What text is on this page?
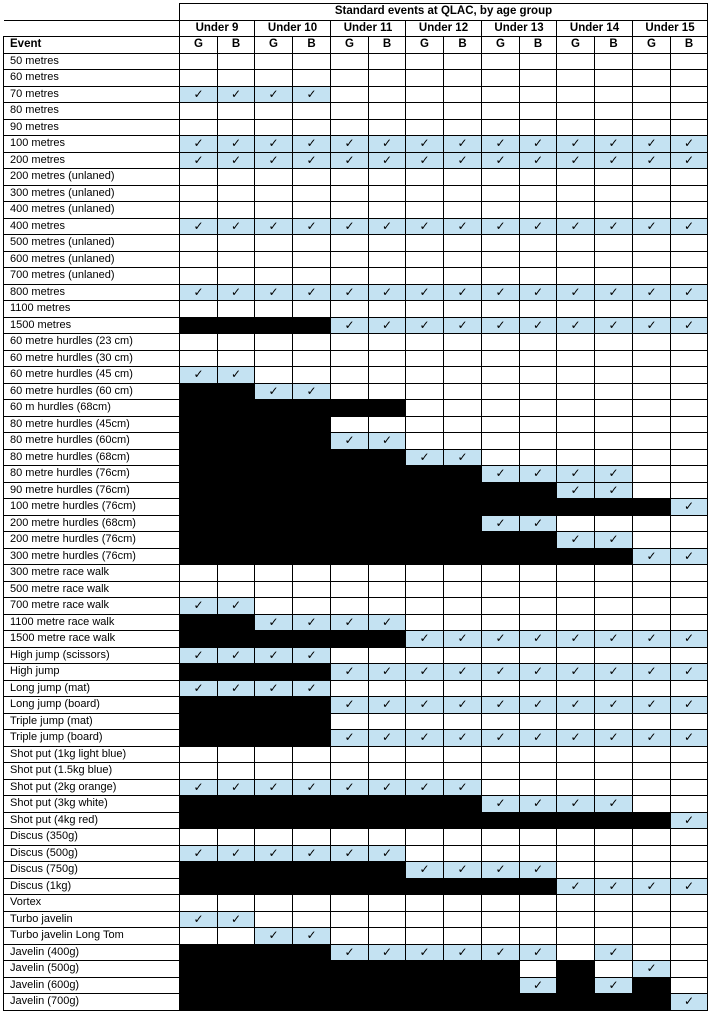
	Standard events at QLAC, by age group													
	Under 9		Under 10		Under 11		Under 12		Under 13		Under 14		Under 15	
Event	G	B	G	B	G	B	G	B	G	B	G	B	G	B
50 metres														
60 metres														
70 metres	✓	✓	✓	✓										
80 metres														
90 metres														
100 metres	✓	✓	✓	✓	✓	✓	✓	✓	✓	✓	✓	✓	✓	✓
200 metres	✓	✓	✓	✓	✓	✓	✓	✓	✓	✓	✓	✓	✓	✓
200 metres (unlaned)														
300 metres (unlaned)														
400 metres (unlaned)														
400 metres	✓	✓	✓	✓	✓	✓	✓	✓	✓	✓	✓	✓	✓	✓
500 metres (unlaned)														
600 metres (unlaned)														
700 metres (unlaned)														
800 metres	✓	✓	✓	✓	✓	✓	✓	✓	✓	✓	✓	✓	✓	✓
1100 metres														
1500 metres					✓	✓	✓	✓	✓	✓	✓	✓	✓	✓
60 metre hurdles (23 cm)														
60 metre hurdles (30 cm)														
60 metre hurdles (45 cm)	✓	✓												
60 metre hurdles (60 cm)			✓	✓										
60 m hurdles (68cm)														
80 metre hurdles (45cm)														
80 metre hurdles (60cm)					✓	✓								
80 metre hurdles (68cm)							✓	✓						
80 metre hurdles (76cm)									✓	✓	✓	✓		
90 metre hurdles (76cm)											✓	✓		
100 metre hurdles (76cm)														✓
200 metre hurdles (68cm)									✓	✓				
200 metre hurdles (76cm)											✓	✓		
300 metre hurdles (76cm)													✓	✓
300 metre race walk														
500 metre race walk														
700 metre race walk	✓	✓												
1100 metre race walk			✓	✓	✓	✓								
1500 metre race walk							✓	✓	✓	✓	✓	✓	✓	✓
High jump (scissors)	✓	✓	✓	✓										
High jump					✓	✓	✓	✓	✓	✓	✓	✓	✓	✓
Long jump (mat)	✓	✓	✓	✓										
Long jump (board)					✓	✓	✓	✓	✓	✓	✓	✓	✓	✓
Triple jump (mat)														
Triple jump (board)					✓	✓	✓	✓	✓	✓	✓	✓	✓	✓
Shot put (1kg light blue)														
Shot put (1.5kg blue)														
Shot put (2kg orange)	✓	✓	✓	✓	✓	✓	✓	✓						
Shot put (3kg white)									✓	✓	✓	✓		
Shot put (4kg red)														✓
Discus (350g)														
Discus (500g)	✓	✓	✓	✓	✓	✓								
Discus (750g)							✓	✓	✓	✓				
Discus (1kg)											✓	✓	✓	✓
Vortex														
Turbo javelin	✓	✓												
Turbo javelin Long Tom			✓	✓										
Javelin (400g)					✓	✓	✓	✓	✓	✓		✓		
Javelin (500g)													✓	
Javelin (600g)										✓		✓		
Javelin (700g)														✓
